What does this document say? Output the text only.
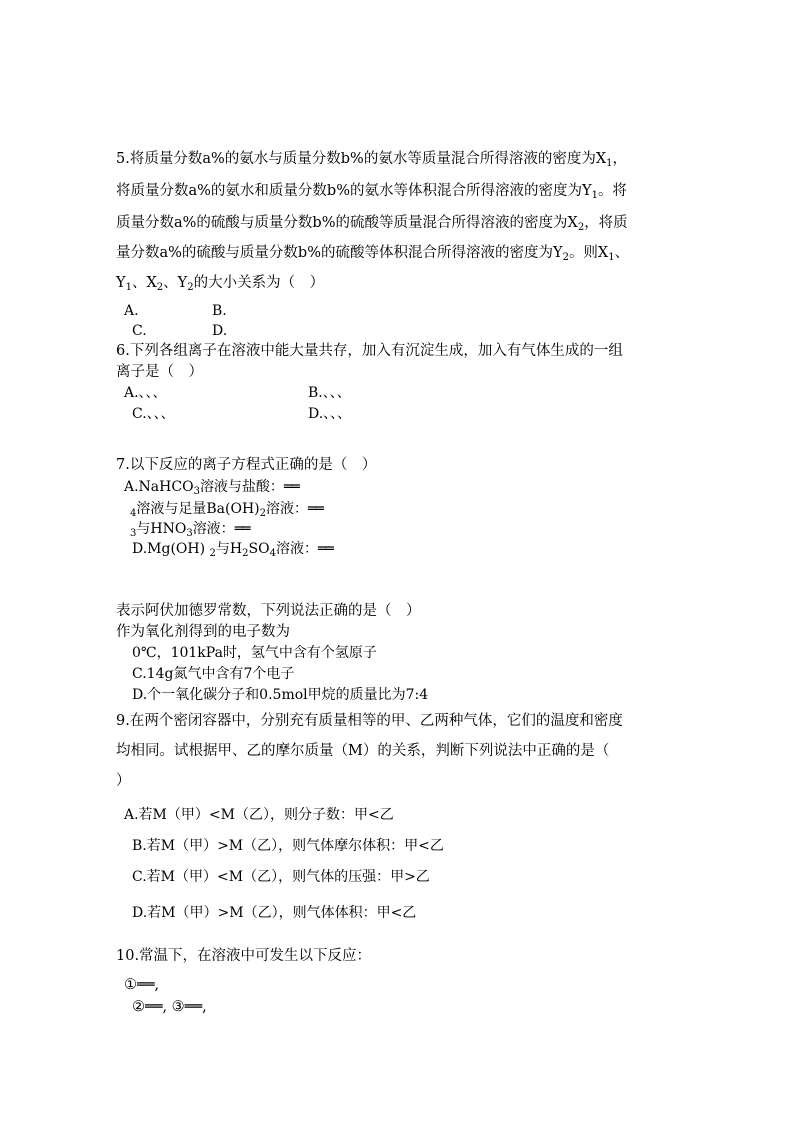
5.将质量分数a%的氨水与质量分数b%的氨水等质量混合所得溶液的密度为$X_1$，
将质量分数a%的氨水和质量分数b%的氨水等体积混合所得溶液的密度为$Y_1$。将
质量分数a%的硫酸与质量分数b%的硫酸等质量混合所得溶液的密度为$X_2$，将质
量分数a%的硫酸与质量分数b%的硫酸等体积混合所得溶液的密度为$Y_2$。则$X_1$、
$Y_1$、$X_2$、$Y_2$的大小关系为（　）
A.	B.
C.	D.
6.下列各组离子在溶液中能大量共存，加入有沉淀生成，加入有气体生成的一组
离子是（　）
A.、、、	B.、、、
C.、、、	D.、、、
7.以下反应的离子方程式正确的是（　）
A.NaHCO$_3$溶液与盐酸：══
$_4$溶液与足量$Ba(OH)_2$溶液：══
$_3$与$HNO_3$溶液：══
D.Mg(OH) $_2$与$H_2SO_4$溶液：══
表示阿伏加德罗常数，下列说法正确的是（　）
作为氧化剂得到的电子数为
0℃，101kPa时，氢气中含有个氢原子
C.14g氮气中含有7个电子
D.个一氧化碳分子和0.5mol甲烷的质量比为7:4
9.在两个密闭容器中，分别充有质量相等的甲、乙两种气体，它们的温度和密度
均相同。试根据甲、乙的摩尔质量（M）的关系，判断下列说法中正确的是（
）
A.若M（甲）<M（乙），则分子数：甲<乙
B.若M（甲）>M（乙），则气体摩尔体积：甲<乙
C.若M（甲）<M（乙），则气体的压强：甲>乙
D.若M（甲）>M（乙），则气体体积：甲<乙
10.常温下，在溶液中可发生以下反应：
①══,
②══, ③══,
